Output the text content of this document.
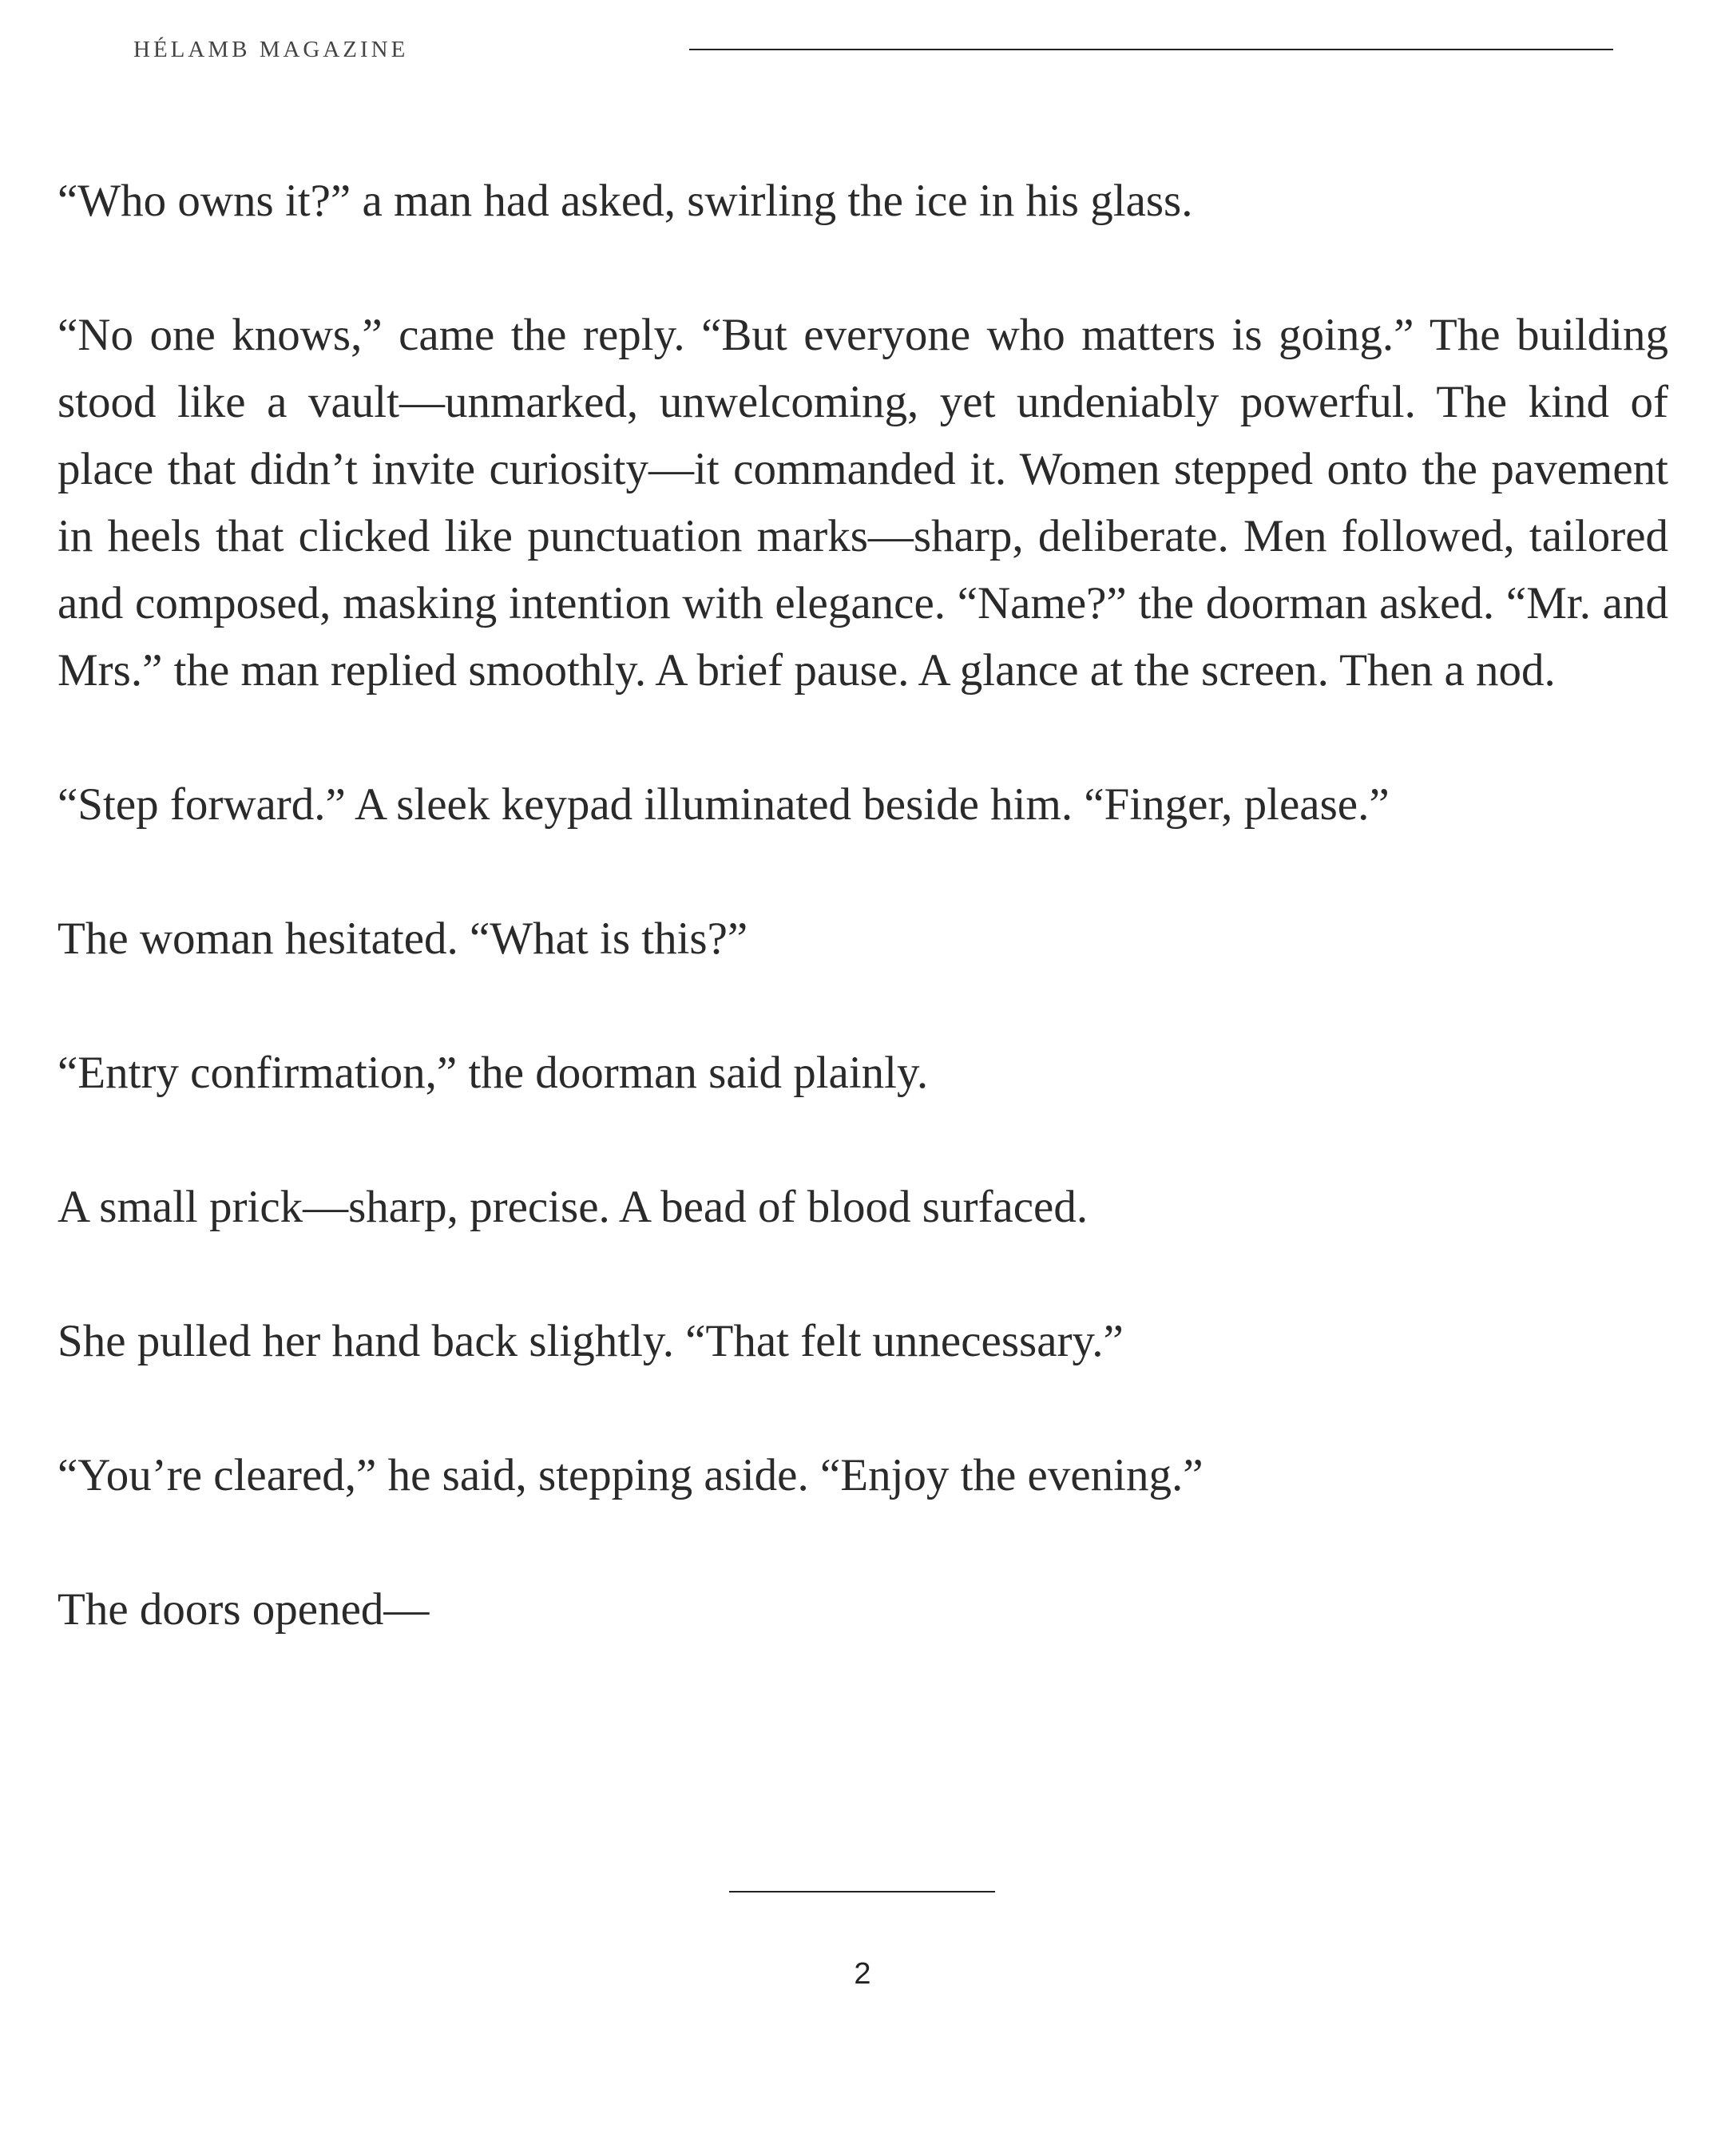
HÉLAMB MAGAZINE

“Who owns it?” a man had asked, swirling the ice in his glass.

“No one knows,” came the reply. “But everyone who matters is going.” The building stood like a vault—unmarked, unwelcoming, yet undeniably powerful. The kind of place that didn’t invite curiosity—it commanded it. Women stepped onto the pavement in heels that clicked like punctuation marks—sharp, deliberate. Men followed, tailored and composed, masking intention with elegance. “Name?” the doorman asked. “Mr. and Mrs.” the man replied smoothly. A brief pause. A glance at the screen. Then a nod.

“Step forward.” A sleek keypad illuminated beside him. “Finger, please.”

The woman hesitated. “What is this?”

“Entry confirmation,” the doorman said plainly.

A small prick—sharp, precise. A bead of blood surfaced.

She pulled her hand back slightly. “That felt unnecessary.”

“You’re cleared,” he said, stepping aside. “Enjoy the evening.”

The doors opened—

2
